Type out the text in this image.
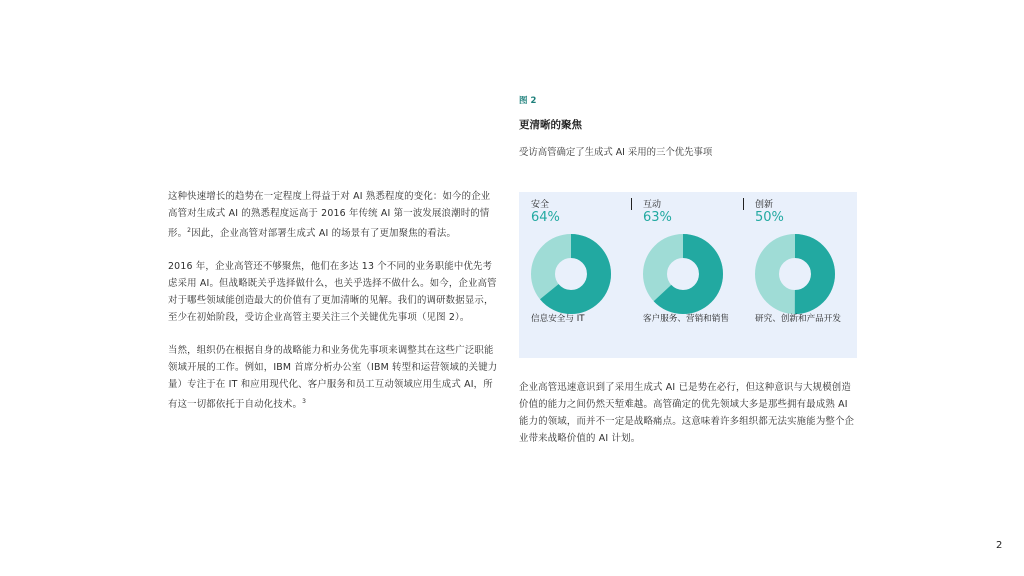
这种快速增长的趋势在一定程度上得益于对 AI 熟悉程度的变化：如今的企业高管对生成式 AI 的熟悉程度远高于 2016 年传统 AI 第一波发展浪潮时的情形。$^2$因此，企业高管对部署生成式 AI 的场景有了更加聚焦的看法。

2016 年，企业高管还不够聚焦，他们在多达 13 个不同的业务职能中优先考虑采用 AI。但战略既关乎选择做什么，也关乎选择不做什么。如今，企业高管对于哪些领域能创造最大的价值有了更加清晰的见解。我们的调研数据显示，至少在初始阶段，受访企业高管主要关注三个关键优先事项（见图 2）。

当然，组织仍在根据自身的战略能力和业务优先事项来调整其在这些广泛职能领域开展的工作。例如，IBM 首席分析办公室（IBM 转型和运营领域的关键力量）专注于在 IT 和应用现代化、客户服务和员工互动领域应用生成式 AI，所有这一切都依托于自动化技术。$^3$

图 2
更清晰的聚焦
受访高管确定了生成式 AI 采用的三个优先事项
安全
64%
信息安全与 IT
互动
63%
客户服务、营销和销售
创新
50%
研究、创新和产品开发

企业高管迅速意识到了采用生成式 AI 已是势在必行，但这种意识与大规模创造价值的能力之间仍然天堑难越。高管确定的优先领域大多是那些拥有最成熟 AI 能力的领域，而并不一定是战略痛点。这意味着许多组织都无法实施能为整个企业带来战略价值的 AI 计划。

2
